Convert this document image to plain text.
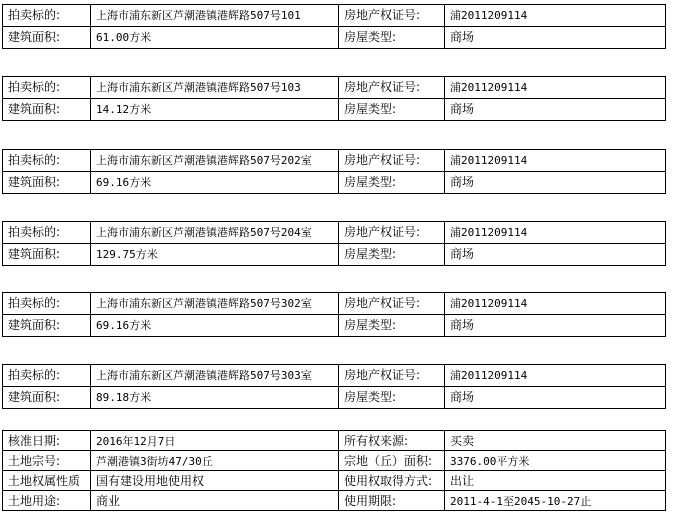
拍卖标的:	上海市浦东新区芦潮港镇港辉路507号101	房地产权证号:	浦2011209114
建筑面积:	61.00方米	房屋类型:	商场
拍卖标的:	上海市浦东新区芦潮港镇港辉路507号103	房地产权证号:	浦2011209114
建筑面积:	14.12方米	房屋类型:	商场
拍卖标的:	上海市浦东新区芦潮港镇港辉路507号202室	房地产权证号:	浦2011209114
建筑面积:	69.16方米	房屋类型:	商场
拍卖标的:	上海市浦东新区芦潮港镇港辉路507号204室	房地产权证号:	浦2011209114
建筑面积:	129.75方米	房屋类型:	商场
拍卖标的:	上海市浦东新区芦潮港镇港辉路507号302室	房地产权证号:	浦2011209114
建筑面积:	69.16方米	房屋类型:	商场
拍卖标的:	上海市浦东新区芦潮港镇港辉路507号303室	房地产权证号:	浦2011209114
建筑面积:	89.18方米	房屋类型:	商场
核准日期:	2016年12月7日	所有权来源:	买卖
土地宗号:	芦潮港镇3街坊47/30丘	宗地（丘）面积:	3376.00平方米
土地权属性质	国有建设用地使用权	使用权取得方式:	出让
土地用途:	商业	使用期限:	2011-4-1至2045-10-27止
